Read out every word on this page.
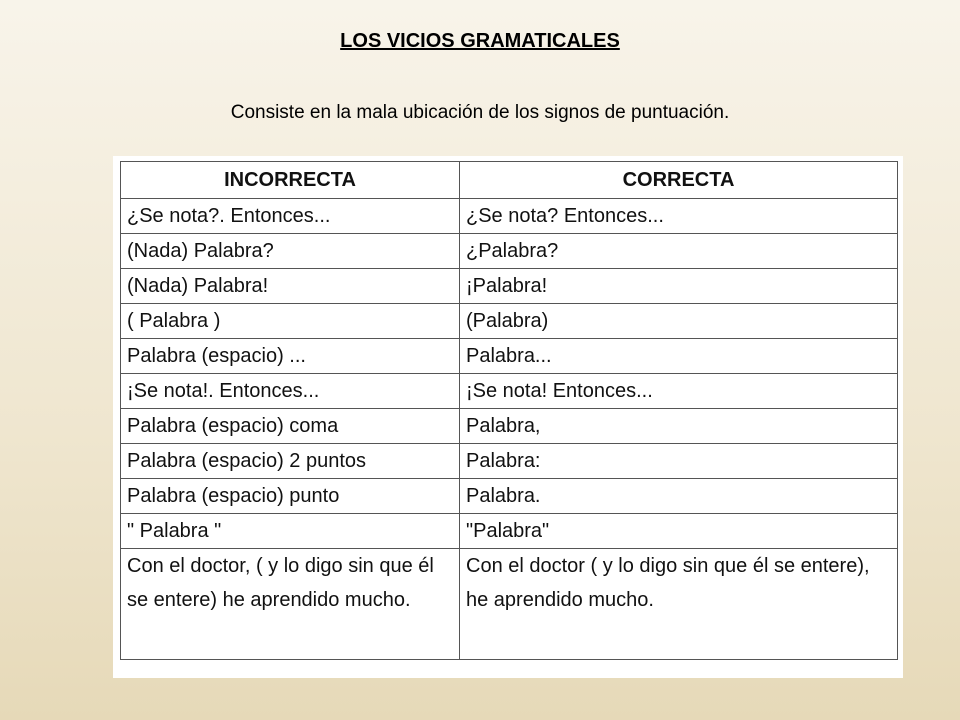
LOS VICIOS GRAMATICALES
Consiste en la mala ubicación de los signos de puntuación.
INCORRECTA	CORRECTA
¿Se nota?. Entonces...	¿Se nota? Entonces...
(Nada) Palabra?	¿Palabra?
(Nada) Palabra!	¡Palabra!
( Palabra )	(Palabra)
Palabra (espacio) ...	Palabra...
¡Se nota!. Entonces...	¡Se nota! Entonces...
Palabra (espacio) coma	Palabra,
Palabra (espacio) 2 puntos	Palabra:
Palabra (espacio) punto	Palabra.
" Palabra "	"Palabra"
Con el doctor, ( y lo digo sin que él se entere) he aprendido mucho.	Con el doctor ( y lo digo sin que él se entere), he aprendido mucho.
